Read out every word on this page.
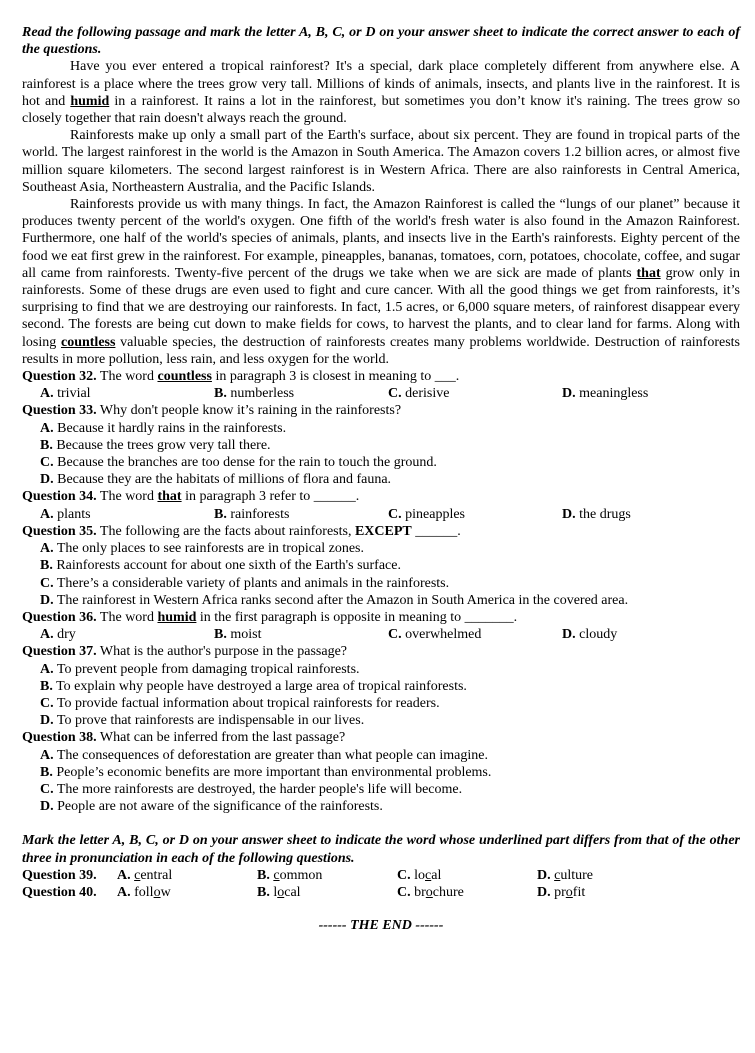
Read the following passage and mark the letter A, B, C, or D on your answer sheet to indicate the correct answer to each of the questions.

Have you ever entered a tropical rainforest? It's a special, dark place completely different from anywhere else. A rainforest is a place where the trees grow very tall. Millions of kinds of animals, insects, and plants live in the rainforest. It is hot and humid in a rainforest. It rains a lot in the rainforest, but sometimes you don’t know it's raining. The trees grow so closely together that rain doesn't always reach the ground.

Rainforests make up only a small part of the Earth's surface, about six percent. They are found in tropical parts of the world. The largest rainforest in the world is the Amazon in South America. The Amazon covers 1.2 billion acres, or almost five million square kilometers. The second largest rainforest is in Western Africa. There are also rainforests in Central America, Southeast Asia, Northeastern Australia, and the Pacific Islands.

Rainforests provide us with many things. In fact, the Amazon Rainforest is called the “lungs of our planet” because it produces twenty percent of the world's oxygen. One fifth of the world's fresh water is also found in the Amazon Rainforest. Furthermore, one half of the world's species of animals, plants, and insects live in the Earth's rainforests. Eighty percent of the food we eat first grew in the rainforest. For example, pineapples, bananas, tomatoes, corn, potatoes, chocolate, coffee, and sugar all came from rainforests. Twenty-five percent of the drugs we take when we are sick are made of plants that grow only in rainforests. Some of these drugs are even used to fight and cure cancer. With all the good things we get from rainforests, it’s surprising to find that we are destroying our rainforests. In fact, 1.5 acres, or 6,000 square meters, of rainforest disappear every second. The forests are being cut down to make fields for cows, to harvest the plants, and to clear land for farms. Along with losing countless valuable species, the destruction of rainforests creates many problems worldwide. Destruction of rainforests results in more pollution, less rain, and less oxygen for the world.

Question 32. The word countless in paragraph 3 is closest in meaning to ___.

A. trivial	B. numberless	C. derisive	D. meaningless

Question 33. Why don't people know it’s raining in the rainforests?

A. Because it hardly rains in the rainforests.

B. Because the trees grow very tall there.

C. Because the branches are too dense for the rain to touch the ground.

D. Because they are the habitats of millions of flora and fauna.

Question 34. The word that in paragraph 3 refer to ______.

A. plants	B. rainforests	C. pineapples	D. the drugs

Question 35. The following are the facts about rainforests, EXCEPT ______.

A. The only places to see rainforests are in tropical zones.

B. Rainforests account for about one sixth of the Earth's surface.

C. There’s a considerable variety of plants and animals in the rainforests.

D. The rainforest in Western Africa ranks second after the Amazon in South America in the covered area.

Question 36. The word humid in the first paragraph is opposite in meaning to _______.

A. dry	B. moist	C. overwhelmed	D. cloudy

Question 37. What is the author's purpose in the passage?

A. To prevent people from damaging tropical rainforests.

B. To explain why people have destroyed a large area of tropical rainforests.

C. To provide factual information about tropical rainforests for readers.

D. To prove that rainforests are indispensable in our lives.

Question 38. What can be inferred from the last passage?

A. The consequences of deforestation are greater than what people can imagine.

B. People’s economic benefits are more important than environmental problems.

C. The more rainforests are destroyed, the harder people's life will become.

D. People are not aware of the significance of the rainforests.

Mark the letter A, B, C, or D on your answer sheet to indicate the word whose underlined part differs from that of the other three in pronunciation in each of the following questions.

Question 39.	A. central	B. common	C. local	D. culture
Question 40.	A. follow	B. local	C. brochure	D. profit

------ THE END ------
